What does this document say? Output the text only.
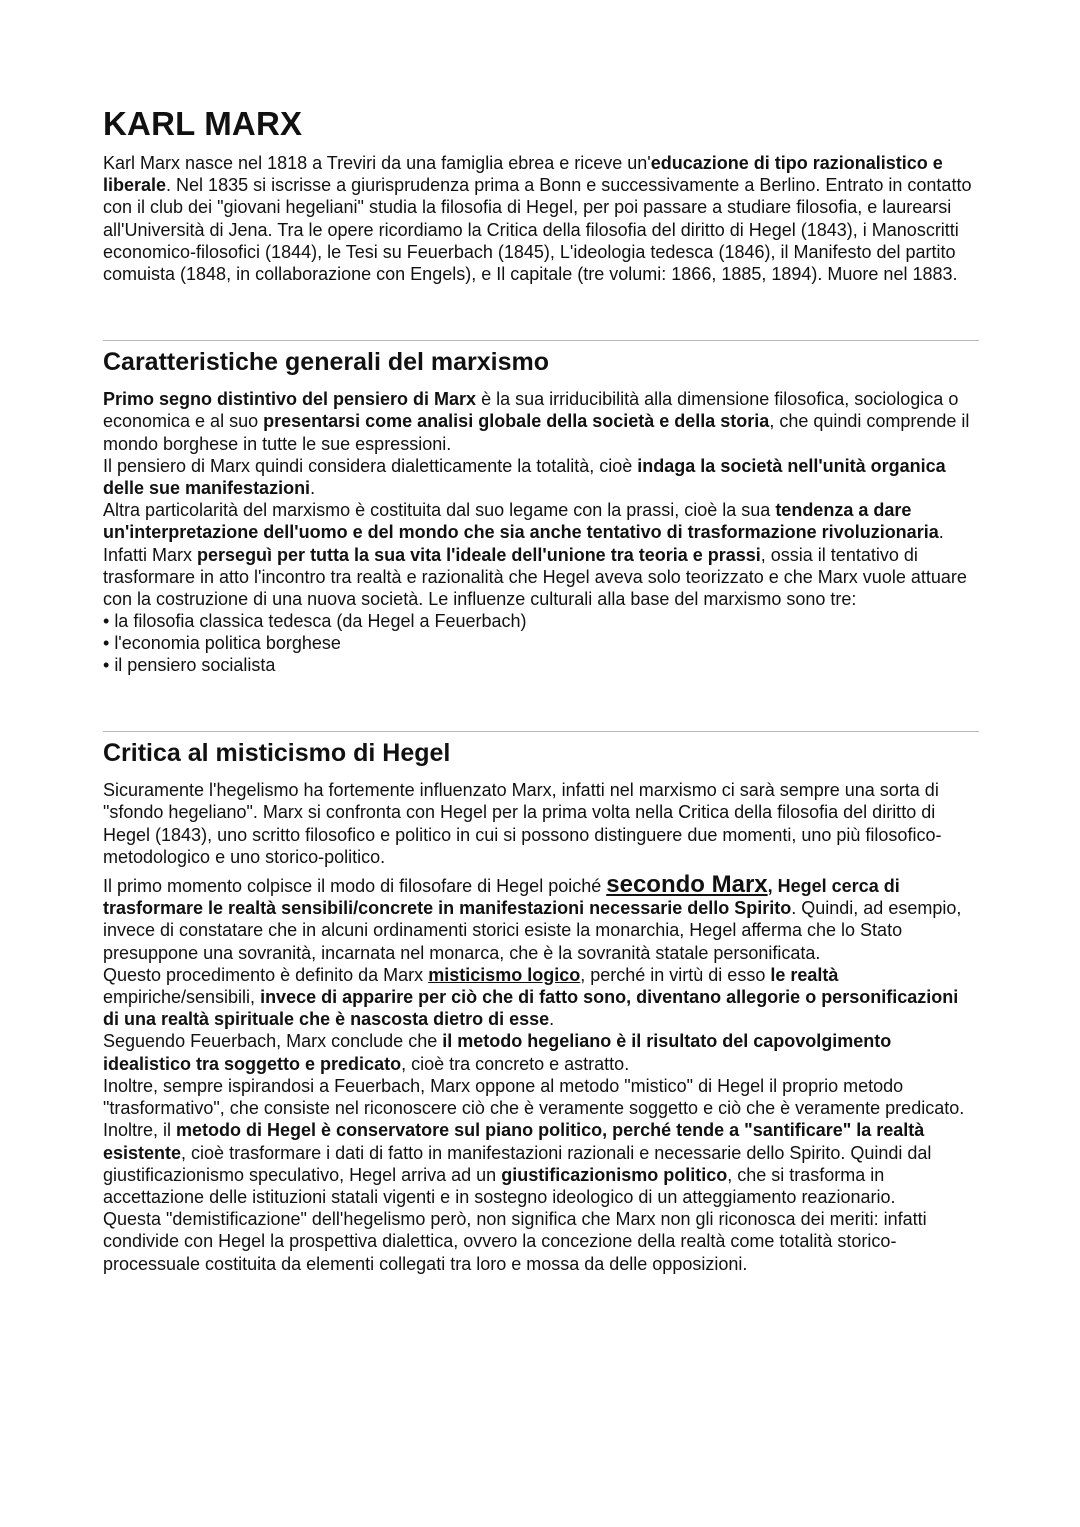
KARL MARX

Karl Marx nasce nel 1818 a Treviri da una famiglia ebrea e riceve un'educazione di tipo razionalistico e liberale. Nel 1835 si iscrisse a giurisprudenza prima a Bonn e successivamente a Berlino. Entrato in contatto con il club dei "giovani hegeliani" studia la filosofia di Hegel, per poi passare a studiare filosofia, e laurearsi all'Università di Jena. Tra le opere ricordiamo la Critica della filosofia del diritto di Hegel (1843), i Manoscritti economico-filosofici (1844), le Tesi su Feuerbach (1845), L'ideologia tedesca (1846), il Manifesto del partito comuista (1848, in collaborazione con Engels), e Il capitale (tre volumi: 1866, 1885, 1894). Muore nel 1883.

Caratteristiche generali del marxismo

Primo segno distintivo del pensiero di Marx è la sua irriducibilità alla dimensione filosofica, sociologica o economica e al suo presentarsi come analisi globale della società e della storia, che quindi comprende il mondo borghese in tutte le sue espressioni.

Il pensiero di Marx quindi considera dialetticamente la totalità, cioè indaga la società nell'unità organica delle sue manifestazioni.

Altra particolarità del marxismo è costituita dal suo legame con la prassi, cioè la sua tendenza a dare un'interpretazione dell'uomo e del mondo che sia anche tentativo di trasformazione rivoluzionaria. Infatti Marx perseguì per tutta la sua vita l'ideale dell'unione tra teoria e prassi, ossia il tentativo di trasformare in atto l'incontro tra realtà e razionalità che Hegel aveva solo teorizzato e che Marx vuole attuare con la costruzione di una nuova società. Le influenze culturali alla base del marxismo sono tre:

• la filosofia classica tedesca (da Hegel a Feuerbach)
• l'economia politica borghese
• il pensiero socialista
Critica al misticismo di Hegel

Sicuramente l'hegelismo ha fortemente influenzato Marx, infatti nel marxismo ci sarà sempre una sorta di "sfondo hegeliano". Marx si confronta con Hegel per la prima volta nella Critica della filosofia del diritto di Hegel (1843), uno scritto filosofico e politico in cui si possono distinguere due momenti, uno più filosofico-metodologico e uno storico-politico.

Il primo momento colpisce il modo di filosofare di Hegel poiché secondo Marx, Hegel cerca di trasformare le realtà sensibili/concrete in manifestazioni necessarie dello Spirito. Quindi, ad esempio, invece di constatare che in alcuni ordinamenti storici esiste la monarchia, Hegel afferma che lo Stato presuppone una sovranità, incarnata nel monarca, che è la sovranità statale personificata.

Questo procedimento è definito da Marx misticismo logico, perché in virtù di esso le realtà empiriche/sensibili, invece di apparire per ciò che di fatto sono, diventano allegorie o personificazioni di una realtà spirituale che è nascosta dietro di esse.

Seguendo Feuerbach, Marx conclude che il metodo hegeliano è il risultato del capovolgimento idealistico tra soggetto e predicato, cioè tra concreto e astratto.

Inoltre, sempre ispirandosi a Feuerbach, Marx oppone al metodo "mistico" di Hegel il proprio metodo "trasformativo", che consiste nel riconoscere ciò che è veramente soggetto e ciò che è veramente predicato. Inoltre, il metodo di Hegel è conservatore sul piano politico, perché tende a "santificare" la realtà esistente, cioè trasformare i dati di fatto in manifestazioni razionali e necessarie dello Spirito. Quindi dal giustificazionismo speculativo, Hegel arriva ad un giustificazionismo politico, che si trasforma in accettazione delle istituzioni statali vigenti e in sostegno ideologico di un atteggiamento reazionario.

Questa "demistificazione" dell'hegelismo però, non significa che Marx non gli riconosca dei meriti: infatti condivide con Hegel la prospettiva dialettica, ovvero la concezione della realtà come totalità storico-processuale costituita da elementi collegati tra loro e mossa da delle opposizioni.
